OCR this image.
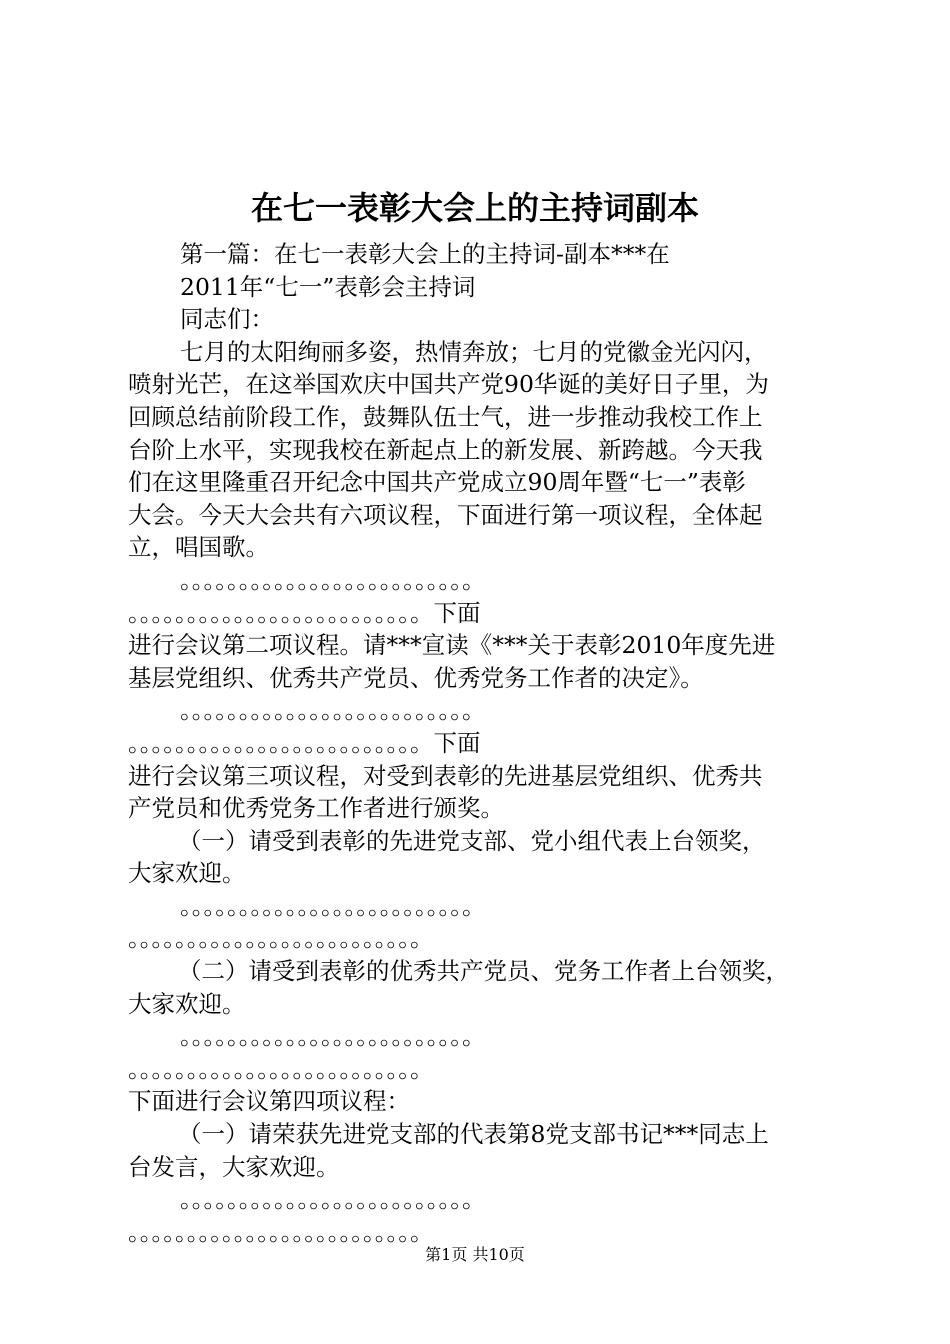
在七一表彰大会上的主持词副本
第一篇：在七一表彰大会上的主持词-副本***在
2011年“七一”表彰会主持词
同志们：
七月的太阳绚丽多姿，热情奔放；七月的党徽金光闪闪，
喷射光芒，在这举国欢庆中国共产党90华诞的美好日子里，为
回顾总结前阶段工作，鼓舞队伍士气，进一步推动我校工作上
台阶上水平，实现我校在新起点上的新发展、新跨越。今天我
们在这里隆重召开纪念中国共产党成立90周年暨“七一”表彰
大会。今天大会共有六项议程，下面进行第一项议程，全体起
立，唱国歌。
。。。。。。。。。。。。。。。。。。。。。。。。。
。。。。。。。。。。。。。。。。。。。。。。。。。下面
进行会议第二项议程。请***宣读《***关于表彰2010年度先进
基层党组织、优秀共产党员、优秀党务工作者的决定》。
。。。。。。。。。。。。。。。。。。。。。。。。。
。。。。。。。。。。。。。。。。。。。。。。。。。下面
进行会议第三项议程，对受到表彰的先进基层党组织、优秀共
产党员和优秀党务工作者进行颁奖。
（一）请受到表彰的先进党支部、党小组代表上台领奖，
大家欢迎。
。。。。。。。。。。。。。。。。。。。。。。。。。
。。。。。。。。。。。。。。。。。。。。。。。。。
（二）请受到表彰的优秀共产党员、党务工作者上台领奖，
大家欢迎。
。。。。。。。。。。。。。。。。。。。。。。。。。
。。。。。。。。。。。。。。。。。。。。。。。。。
下面进行会议第四项议程：
（一）请荣获先进党支部的代表第8党支部书记***同志上
台发言，大家欢迎。
。。。。。。。。。。。。。。。。。。。。。。。。。
。。。。。。。。。。。。。。。。。。。。。。。。。
第1页 共10页
